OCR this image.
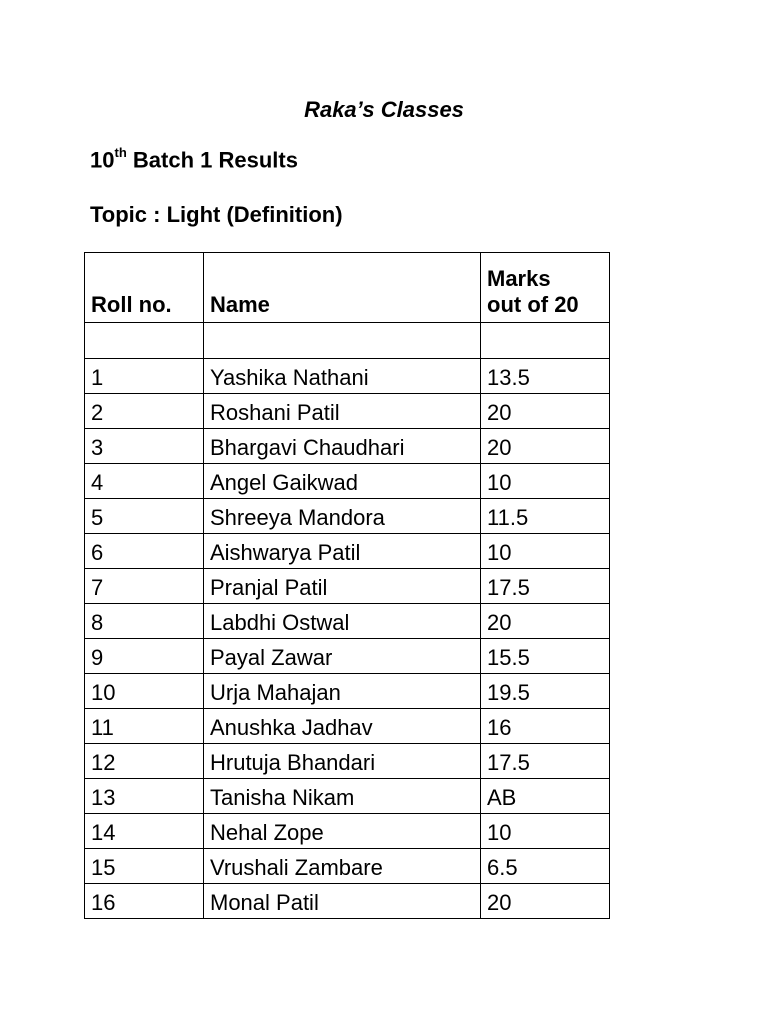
Raka’s Classes
10th Batch 1 Results
Topic : Light (Definition)
Roll no.	Name	Marks
out of 20

1	Yashika Nathani	13.5
2	Roshani Patil	20
3	Bhargavi Chaudhari	20
4	Angel Gaikwad	10
5	Shreeya Mandora	11.5
6	Aishwarya Patil	10
7	Pranjal Patil	17.5
8	Labdhi Ostwal	20
9	Payal Zawar	15.5
10	Urja Mahajan	19.5
11	Anushka Jadhav	16
12	Hrutuja Bhandari	17.5
13	Tanisha Nikam	AB
14	Nehal Zope	10
15	Vrushali Zambare	6.5
16	Monal Patil	20
